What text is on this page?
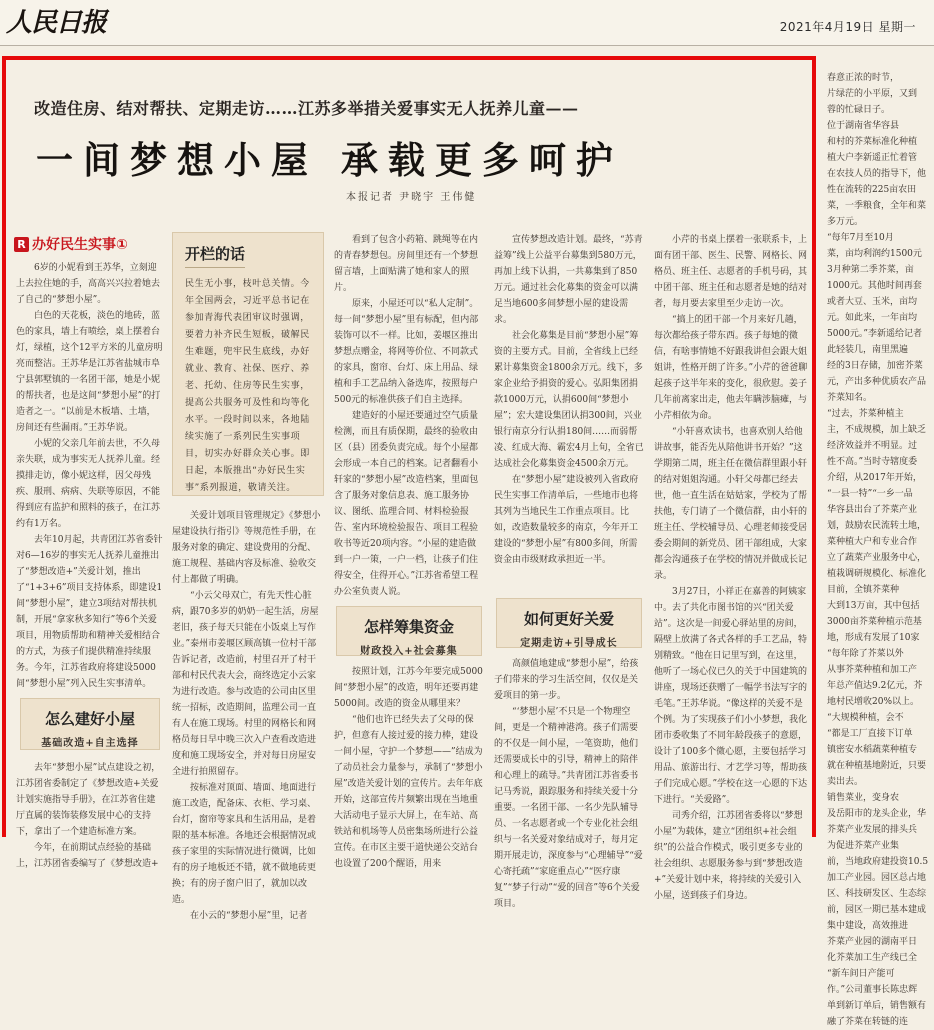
人民日报	2021年4月19日 星期一

春意正浓的时节，

片绿茫的小平原，又到

蓉的忙碌日子。

位于湖南省华容县

和村的芥菜标准化种植

植大户李新遥正忙着管

在农技人员的指导下，他

性在流转的225亩农田

菜，一季粮食，全年和菜

多万元。

“每年7月至10月

菜，亩均利润约1500元

3月种第二季芥菜，亩

1000元。其他时间再套

或者大豆、玉米，亩均

元。如此来，一年亩均

5000元。”李新遥给记者

此轻装几，南里黑遍

经的3日存储，加密芥菜

元，产出多种优质农产品

芥菜知名。

“过去，芥菜种植主

主，不成规模，加上缺乏

经济效益并不明显。过

性不高。”当时寺辖度委

介绍，从2017年开始，

“一县一特”“一乡一品

华容县出台了芥菜产业

划，鼓励农民流转土地，

菜种植大户和专业合作

立了蔬菜产业服务中心，

植栽调研规模化、标准化

目前，全镇芥菜种

大到13万亩，其中包括

3000亩芥菜种植示范基

地，形成有发展了10家

“每年除了芥菜以外

从事芥菜种植和加工产

年总产值达9.2亿元，芥

地村民增收20%以上。

“大规模种植，会不

“都是工厂直接下订单

镇密安水稻蔬菜种植专

就在种植基地附近，只要

卖出去。

销售菜业，变身农

及岳阳市的龙头企业，华

芥菜产业发展的排头兵

为促进芥菜产业集

前，当地政府建投资10.5

加工产业园。园区总占地

区、科技研发区、生态综

前，园区一期已基本建成

集中建设，高效推进

芥菜产业园的湖南平日

化芥菜加工生产线已全

“新车间日产能可

作。”公司董事长陈忠辉

单到新订单后，销售额有

融了芥菜在转链的连

改造住房、结对帮扶、定期走访……江苏多举措关爱事实无人抚养儿童——
一间梦想小屋 承载更多呵护
本报记者 尹晓宇 王伟健
R 办好民生实事①

6岁的小妮看到王苏华，立刻迎上去拉住她的手，高高兴兴拉着她去了自己的“梦想小屋”。

白色的天花板，淡色的地砖，蓝色的家具，墙上有喷绘，桌上摆着台灯，绿植，这个12平方米的儿童房明亮而整洁。王苏华是江苏省盐城市阜宁县郭墅镇的一名团干部，她是小妮的帮扶者，也是这间“梦想小屋”的打造者之一。“以前是木板墙、土墙，房间还有些漏雨。”王苏华说。

小妮的父亲几年前去世，不久母亲失联，成为事实无人抚养儿童。经摸排走访，像小妮这样，因父母残疾、服刑、病病、失联等原因，不能得到应有监护和照料的孩子，在江苏约有1万名。

去年10月起，共青团江苏省委针对6—16岁的事实无人抚养儿童推出了“梦想改造+”关爱计划，推出了“1+3+6”项目支持体系，即建设1间“梦想小屋”，建立3项结对帮扶机制，开展“拿家秋多知行”等6个关爱项目，用物质帮助和精神关爱相结合的方式，为孩子们提供精准持续服务。今年，江苏省政府将建设5000间“梦想小屋”列入民生实事清单。

怎么建好小屋
基础改造+自主选择

去年“梦想小屋”试点建设之初，江苏团省委制定了《梦想改造+关爱计划实施指导手册》，在江苏省住建厅直属的装饰装修发展中心的支持下，拿出了一个建造标准方案。

今年，在前期试点经验的基础上，江苏团省委编写了《梦想改造+

开栏的话
民生无小事，枝叶总关情。今年全国两会，习近平总书记在参加青海代表团审议时强调，要着力补齐民生短板，破解民生难题，兜牢民生底线，办好就业、教育、社保、医疗、养老、托幼、住房等民生实事，提高公共服务可及性和均等化水平。一段时间以来，各地陆续实施了一系列民生实事项目，切实办好群众关心事。即日起，本版推出“办好民生实事”系列报道，敬请关注。

关爱计划项目管理规定》《梦想小屋建设执行指引》等规范性手册，在服务对象的确定、建设费用的分配、施工规程、基础内容及标准、验收交付上都做了明确。

“小云父母双亡，有先天性心脏病，跟70多岁的奶奶一起生活，房屋老旧，孩子每天只能在小饭桌上写作业。”泰州市姜堰区顾高镇一位村干部告诉记者，改造前，村里召开了村干部和村民代表大会，商终选定小云家为进行改造。参与改造的公司由区里统一招标，改造期间，监理公司一直有人在施工现场。村里的网格长和网格员每日早中晚三次入户查看改造进度和施工现场安全，并对每日房屋安全进行拍照留存。

按标准对顶面、墙面、地面进行施工改造，配备床、衣柜、学习桌、台灯，窗帘等家具和生活用品，是着限的基本标准。各地还会根据情况或孩子家里的实际情况进行微调，比如有的房子地板还不错，就不做地砖更换；有的房子窗户旧了，就加以改造。

在小云的“梦想小屋”里，记者

看到了包含小药箱、跳绳等在内的青春梦想包。房间里还有一个梦想留言墙，上面贴满了她和家人的照片。

原来，小屋还可以“私人定制”。每一间“梦想小屋”里有标配，但内部装饰可以不一样。比如，姜堰区推出梦想点赠金，将网等价位、不同款式的家具，窗帘、台灯、床上用品、绿植和手工艺品纳入备选库，按照每户500元的标准供孩子们自主选择。

建造好的小屋还要通过空气质量检测，而且有质保期，最终的验收由区（县）团委负责完成。每个小屋都会形成一本自己的档案。记者翻看小轩家的“梦想小屋”改造档案，里面包含了服务对象信息表、施工服务协议、图纸、监理合同、材料检验报告、室内环境检验报告、项目工程验收书等近20项内容。“小屋的建造做到一户一策，一户一档，让孩子们住得安全，住得开心。”江苏省希望工程办公室负责人说。

怎样筹集资金
财政投入+社会募集

按照计划，江苏今年要完成5000间“梦想小屋”的改造，明年还要再建5000间。改造的资金从哪里来？

“他们也许已经失去了父母的保护，但意有人接过爱的接力棒，建设一间小屋，守护一个梦想——”结成为了动员社会力量参与，承制了“梦想小屋”改造关爱计划的宣传片。去年年底开始，这部宣传片频繁出现在当地重大活动电子显示大屏上，在车站、高铁站和机场等人员密集场所进行公益宣传。在市区主要干道快递公交站台也设置了200个醒语，用来

宣传梦想改造计划。最终，“苏青益筹”线上公益平台募集到580万元，再加上线下认捐，一共募集到了850万元。通过社会化募集的资金可以满足当地600多间梦想小屋的建设需求。

社会化募集是目前“梦想小屋”筹资的主要方式。目前，全省线上已经累计募集资金1800余万元。线下，多家企业给予捐资的爱心。弘阳集团捐款1000万元，认捐600间“梦想小屋”；宏大建设集团认捐300间，兴业银行南京分行认捐180间……而弱帮凌、红成大海、霸宏4月上旬，全省已达成社会化募集资金4500余万元。

在“梦想小屋”建设被列入省政府民生实事工作清单后，一些地市也将其列为当地民生工作重点项目。比如，改造数量较多的南京，今年开工建设的“梦想小屋”有800多间，所需资金由市级财政承担近一半。

如何更好关爱
定期走访+引导成长

高颜值地建成“梦想小屋”，给孩子们带来的学习生活空间，仅仅是关爱项目的第一步。

“‘梦想小屋’不只是一个物理空间，更是一个精神港湾。孩子们需要的不仅是一间小屋，一笔资助，他们还需要成长中的引导，精神上的陪伴和心理上的疏导。”共青团江苏省委书记马秀说，跟踪服务和持续关爱十分重要。一名团干部、一名少先队辅导员、一名志愿者或一个专业化社会组织与一名关爱对象结成对子，每月定期开展走访，深度参与“心理辅导”“爱心寄托疏”“家庭重点心”“医疗康复”“梦子行动”“爱的回音”等6个关爱项目。

小芹的书桌上摆着一张联系卡，上面有团干部、医生、民警、网格长、网格员、班主任、志愿者的手机号码，其中团干部、班主任和志愿者是她的结对者，每月要去家里至少走访一次。

“搞上的团干部一个月来好几趟，每次都给孩子带东西。孩子每她的微信，有啥事情她不好跟我讲但会跟大姐姐讲，性格开朗了许多。”小芹的爸爸聊起孩子这半年来的变化，很欣慰。姜子几年前离家出走，他去年瞒涉脑瘫，与小芹相依为命。

“小轩喜欢读书，也喜欢别人给他讲故事，能否先从陪他讲书开始？”这学期第二周，班主任在微信群里跟小轩的结对姐姐沟通。小轩父母都已经去世，他一直生活在姑姑家，学校为了帮扶他，专门请了一个微信群，由小轩的班主任、学校辅导员、心理老师接受居委会期间的新党员、团干部组成，大家都会沟通孩子在学校的情况并做成长记录。

3月27日，小祥正在嘉善的阿姨家中。去了共化市图书馆的兴“团关爱站”。这次是一间爱心驿站里的房间，隔壁上放满了各式各样的手工艺品，特别精致。“他在日记里写到，在这里，他听了一场心仪已久的关于中国建筑的讲座，现场还获赠了一幅学书法写字的毛笔。”王苏华说。“像这样的关爱不是个例。为了实现孩子们小小梦想，我化团市委收集了不同年龄段孩子的意愿，设计了100多个微心愿，主要包括学习用品、旅游出行、才艺学习等，帮助孩子们完成心愿。”学校在这一心愿的下达下进行。“关爱路”。

司秀介绍，江苏团省委将以“梦想小屋”为载体，建立“团组织+社会组织”的公益合作模式，吸引更多专业的社会组织、志愿服务参与到“梦想改造+”关爱计划中来，将持续的关爱引入小屋，送到孩子们身边。
